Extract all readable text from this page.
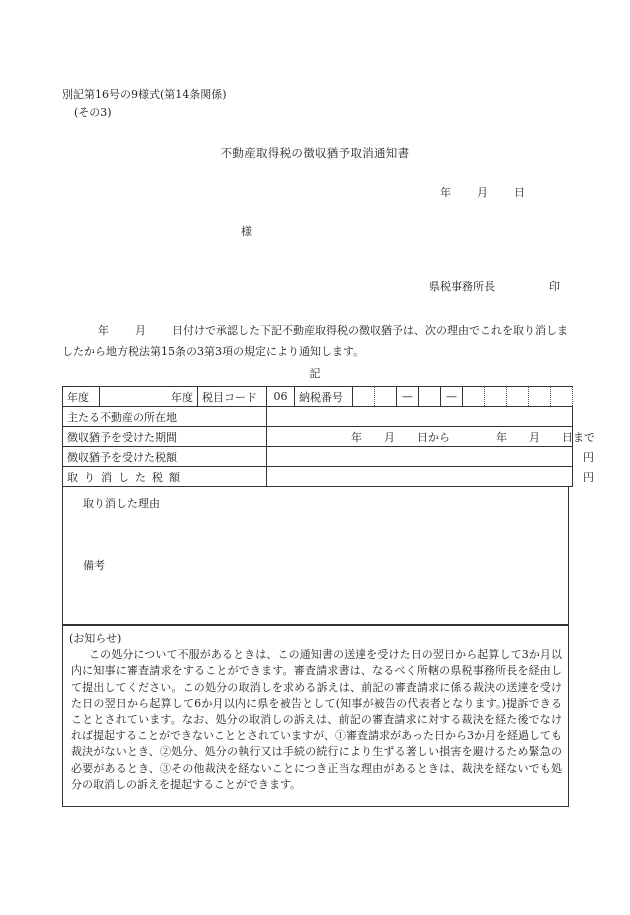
別記第16号の9様式(第14条関係)
(その3)
不動産取得税の徴収猶予取消通知書
年 月 日
様
県税事務所長	印
年 月 日付けで承認した下記不動産取得税の徴収猶予は、次の理由でこれを取り消しましたから地方税法第15条の3第3項の規定により通知します。
記
年度	年度	税目コード	06	納税番号			—		—					
主たる不動産の所在地														
徴収猶予を受けた期間			年 月 日から 年 月 日まで											
徴収猶予を受けた税額			円											
取り消した税額			円											
取り消した理由
備考
(お知らせ)
この処分について不服があるときは、この通知書の送達を受けた日の翌日から起算して3か月以内に知事に審査請求をすることができます。審査請求書は、なるべく所轄の県税事務所長を経由して提出してください。この処分の取消しを求める訴えは、前記の審査請求に係る裁決の送達を受けた日の翌日から起算して6か月以内に県を被告として(知事が被告の代表者となります。)提訴できることとされています。なお、処分の取消しの訴えは、前記の審査請求に対する裁決を経た後でなければ提起することができないこととされていますが、①審査請求があった日から3か月を経過しても裁決がないとき、②処分、処分の執行又は手続の続行により生ずる著しい損害を避けるため緊急の必要があるとき、③その他裁決を経ないことにつき正当な理由があるときは、裁決を経ないでも処分の取消しの訴えを提起することができます。
